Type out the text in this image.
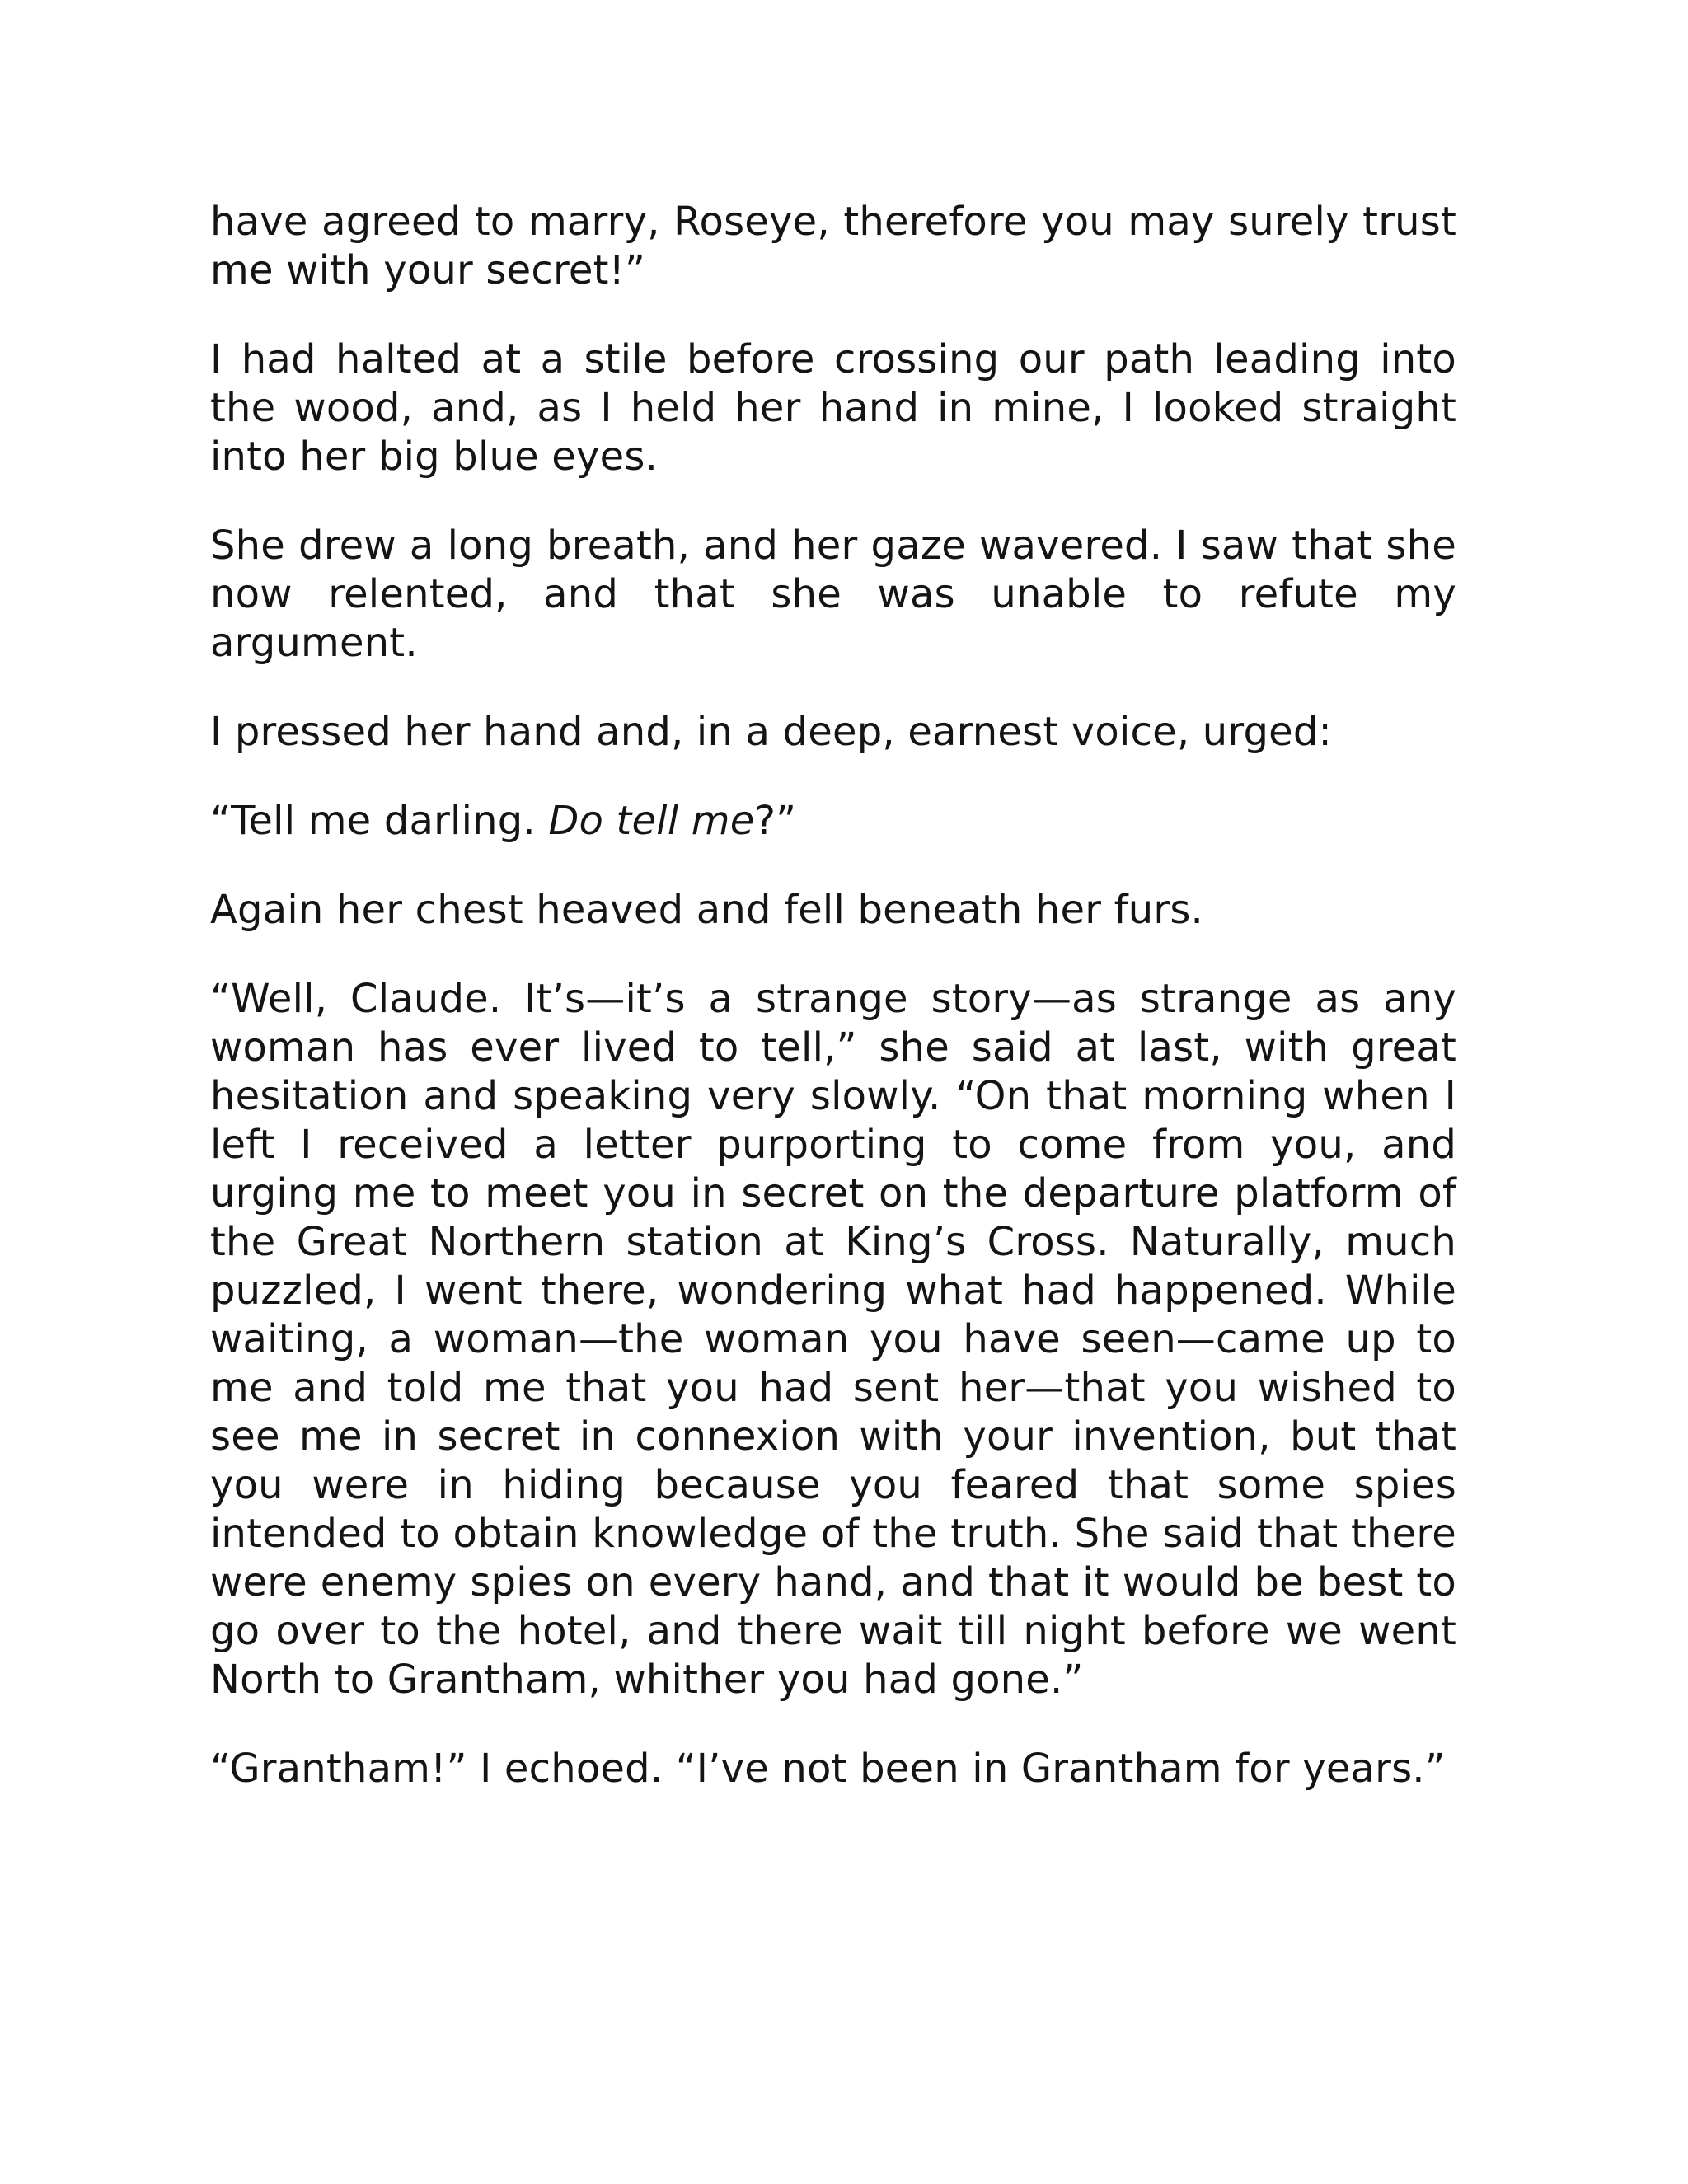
have agreed to marry, Roseye, therefore you may surely trust me with your secret!”

I had halted at a stile before crossing our path leading into the wood, and, as I held her hand in mine, I looked straight into her big blue eyes.

She drew a long breath, and her gaze wavered. I saw that she now relented, and that she was unable to refute my argument.

I pressed her hand and, in a deep, earnest voice, urged:

“Tell me darling. Do tell me?”

Again her chest heaved and fell beneath her furs.

“Well, Claude. It’s—it’s a strange story—as strange as any woman has ever lived to tell,” she said at last, with great hesitation and speaking very slowly. “On that morning when I left I received a letter purporting to come from you, and urging me to meet you in secret on the departure platform of the Great Northern station at King’s Cross. Naturally, much puzzled, I went there, wondering what had happened. While waiting, a woman—the woman you have seen—came up to me and told me that you had sent her—that you wished to see me in secret in connexion with your invention, but that you were in hiding because you feared that some spies intended to obtain knowledge of the truth. She said that there were enemy spies on every hand, and that it would be best to go over to the hotel, and there wait till night before we went North to Grantham, whither you had gone.”

“Grantham!” I echoed. “I’ve not been in Grantham for years.”
